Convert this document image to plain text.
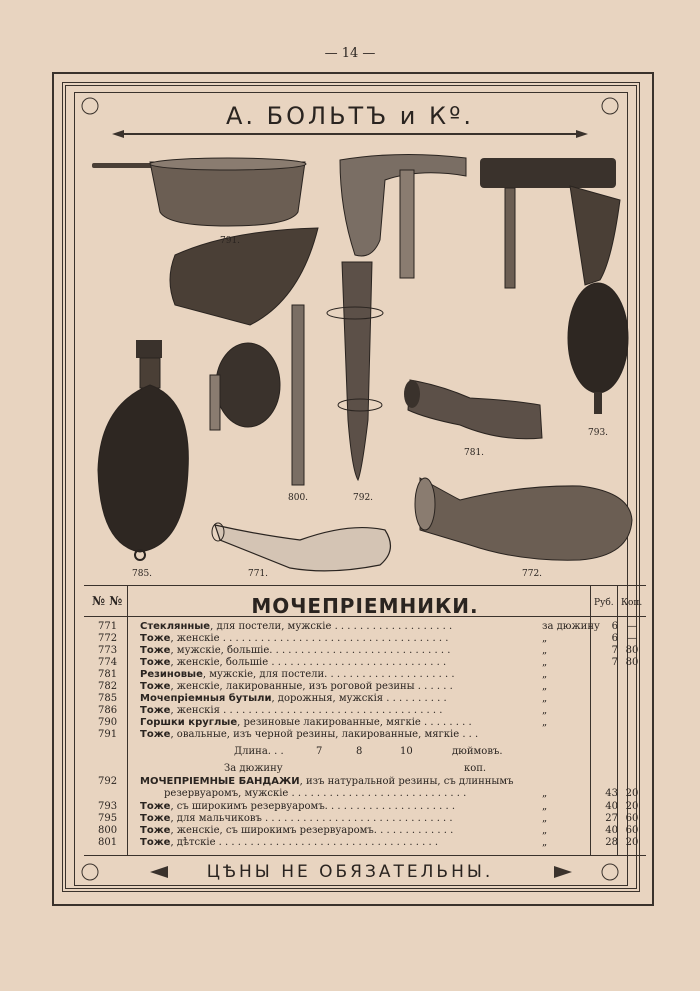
— 14 —
А. БОЛЬТЪ и Кº.
791.
800.	792.
793.
781.
785.	771.	772.
№ №	МОЧЕПРIЕМНИКИ.	Руб. Коп.
771	Стеклянные, для постели, мужскiе . . . . . . . . . . . . . . . . . . .	за дюжину	6 —
772	Тоже, женскiе . . . . . . . . . . . . . . . . . . . . . . . . . . . . . . . . . . . .	„	6 —
773	Тоже, мужскiе, большiе. . . . . . . . . . . . . . . . . . . . . . . . . . . . .	„	7 80
774	Тоже, женскiе, большiе . . . . . . . . . . . . . . . . . . . . . . . . . . . .	„	7 80
781	Резиновые, мужскiе, для постели. . . . . . . . . . . . . . . . . . . . .	„
782	Тоже, женскiе, лакированные, изъ роговой резины . . . . . .	„
785	Мочепрiемныя бутыли, дорожныя, мужскiя . . . . . . . . . .	„
786	Тоже, женскiя . . . . . . . . . . . . . . . . . . . . . . . . . . . . . . . . . . .	„
790	Горшки круглые, резиновые лакированные, мягкiе . . . . . . . .	„
791	Тоже, овальные, изъ черной резины, лакированные, мягкiе . . .
Длина. . .	7	8	10	дюймовъ.
За дюжину	коп.
792	МОЧЕПРIЕМНЫЕ БАНДАЖИ, изъ натуральной резины, съ длиннымъ
резервуаромъ, мужскiе . . . . . . . . . . . . . . . . . . . . . . . . . . . .	„	43 20
793	Тоже, съ широкимъ резервуаромъ. . . . . . . . . . . . . . . . . . . . .	„	40 20
795	Тоже, для мальчиковъ . . . . . . . . . . . . . . . . . . . . . . . . . . . . . .	„	27 60
800	Тоже, женскiе, съ широкимъ резервуаромъ. . . . . . . . . . . . .	„	40 60
801	Тоже, дѣтскiе . . . . . . . . . . . . . . . . . . . . . . . . . . . . . . . . . . .	„	28 20
ЦѢНЫ НЕ ОБЯЗАТЕЛЬНЫ.
